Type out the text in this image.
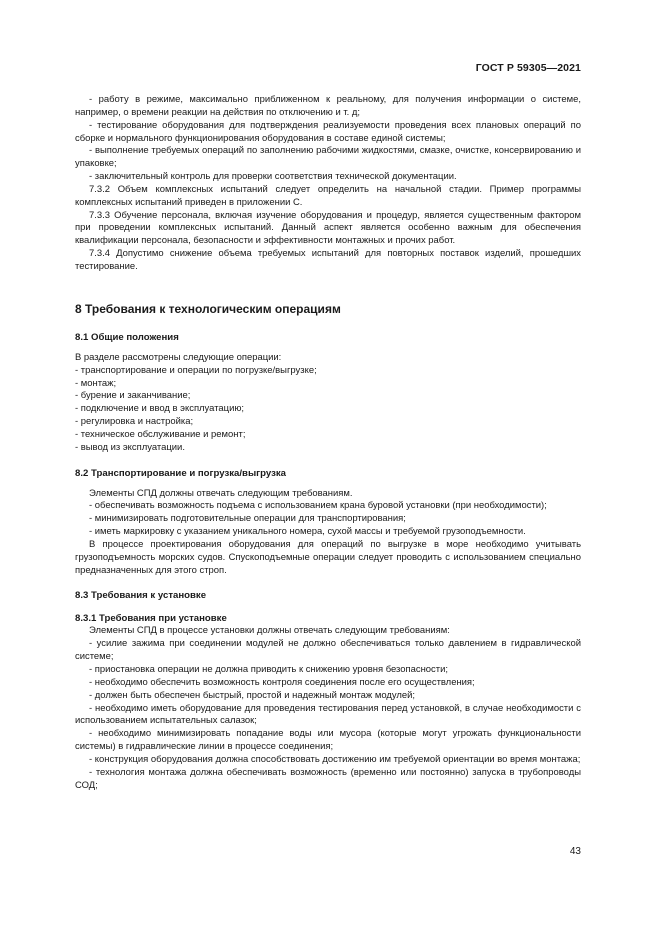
ГОСТ Р 59305—2021

- работу в режиме, максимально приближенном к реальному, для получения информации о системе, например, о времени реакции на действия по отключению и т. д;

- тестирование оборудования для подтверждения реализуемости проведения всех плановых операций по сборке и нормального функционирования оборудования в составе единой системы;

- выполнение требуемых операций по заполнению рабочими жидкостями, смазке, очистке, консервированию и упаковке;

- заключительный контроль для проверки соответствия технической документации.

7.3.2 Объем комплексных испытаний следует определить на начальной стадии. Пример программы комплексных испытаний приведен в приложении С.

7.3.3 Обучение персонала, включая изучение оборудования и процедур, является существенным фактором при проведении комплексных испытаний. Данный аспект является особенно важным для обеспечения квалификации персонала, безопасности и эффективности монтажных и прочих работ.

7.3.4 Допустимо снижение объема требуемых испытаний для повторных поставок изделий, прошедших тестирование.

8 Требования к технологическим операциям
8.1 Общие положения

В разделе рассмотрены следующие операции:

- транспортирование и операции по погрузке/выгрузке;

- монтаж;

- бурение и заканчивание;

- подключение и ввод в эксплуатацию;

- регулировка и настройка;

- техническое обслуживание и ремонт;

- вывод из эксплуатации.

8.2 Транспортирование и погрузка/выгрузка

Элементы СПД должны отвечать следующим требованиям.

- обеспечивать возможность подъема с использованием крана буровой установки (при необходимости);

- минимизировать подготовительные операции для транспортирования;

- иметь маркировку с указанием уникального номера, сухой массы и требуемой грузоподъемности.

В процессе проектирования оборудования для операций по выгрузке в море необходимо учитывать грузоподъемность морских судов. Спускоподъемные операции следует проводить с использованием специально предназначенных для этого строп.

8.3 Требования к установке
8.3.1 Требования при установке

Элементы СПД в процессе установки должны отвечать следующим требованиям:

- усилие зажима при соединении модулей не должно обеспечиваться только давлением в гидравлической системе;

- приостановка операции не должна приводить к снижению уровня безопасности;

- необходимо обеспечить возможность контроля соединения после его осуществления;

- должен быть обеспечен быстрый, простой и надежный монтаж модулей;

- необходимо иметь оборудование для проведения тестирования перед установкой, в случае необходимости с использованием испытательных салазок;

- необходимо минимизировать попадание воды или мусора (которые могут угрожать функциональности системы) в гидравлические линии в процессе соединения;

- конструкция оборудования должна способствовать достижению им требуемой ориентации во время монтажа;

- технология монтажа должна обеспечивать возможность (временно или постоянно) запуска в трубопроводы СОД;

43
